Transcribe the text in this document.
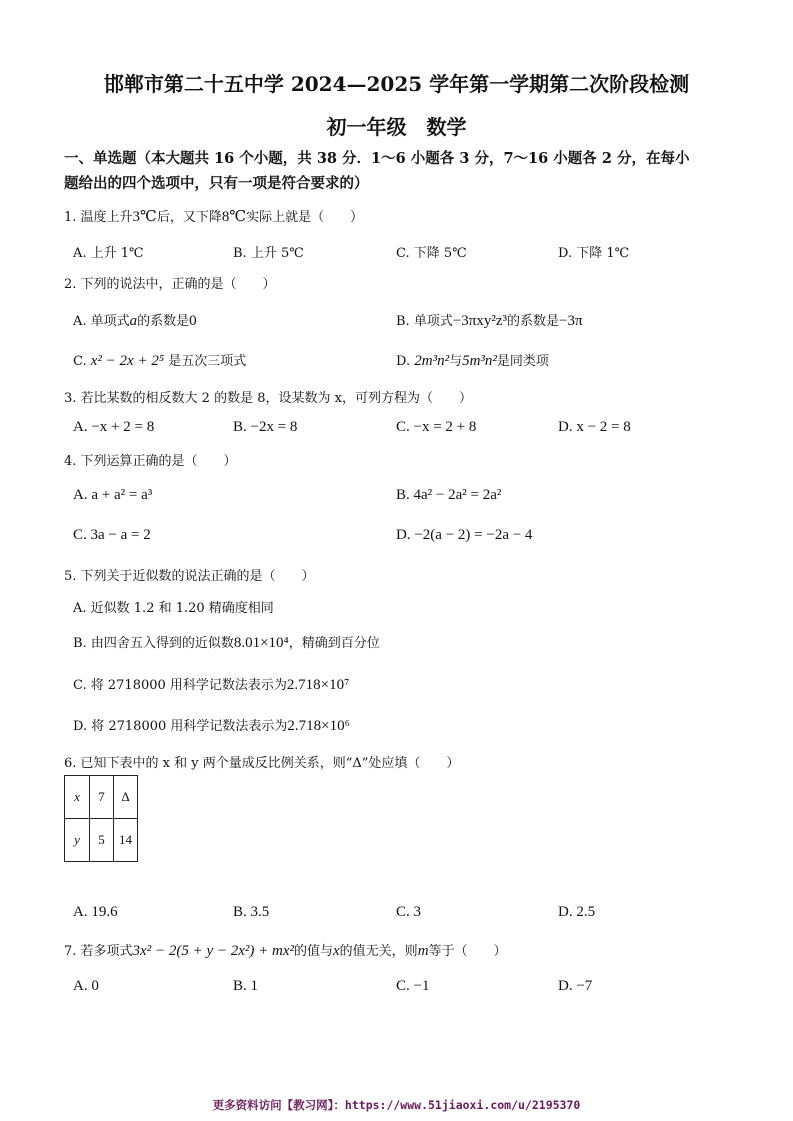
邯郸市第二十五中学 2024—2025 学年第一学期第二次阶段检测
初一年级　数学
一、单选题（本大题共 16 个小题，共 38 分．1～6 小题各 3 分，7～16 小题各 2 分，在每小
题给出的四个选项中，只有一项是符合要求的）
1. 温度上升3℃后，又下降8℃实际上就是（　　）
A. 上升 1℃	B. 上升 5℃	C. 下降 5℃	D. 下降 1℃
2. 下列的说法中，正确的是（　　）
A. 单项式a的系数是0	B. 单项式−3πxy²z³的系数是−3π
C. x² − 2x + 2⁵ 是五次三项式	D. 2m³n²与5m³n²是同类项
3. 若比某数的相反数大 2 的数是 8，设某数为 x，可列方程为（　　）
A. −x + 2 = 8	B. −2x = 8	C. −x = 2 + 8	D. x − 2 = 8
4. 下列运算正确的是（　　）
A. a + a² = a³	B. 4a² − 2a² = 2a²
C. 3a − a = 2	D. −2(a − 2) = −2a − 4
5. 下列关于近似数的说法正确的是（　　）
A. 近似数 1.2 和 1.20 精确度相同
B. 由四舍五入得到的近似数8.01×10⁴，精确到百分位
C. 将 2718000 用科学记数法表示为2.718×10⁷
D. 将 2718000 用科学记数法表示为2.718×10⁶
6. 已知下表中的 x 和 y 两个量成反比例关系，则“Δ”处应填（　　）
x	7	Δ
y	5	14
A. 19.6	B. 3.5	C. 3	D. 2.5
7. 若多项式3x² − 2(5 + y − 2x²) + mx²的值与x的值无关，则m等于（　　）
A. 0	B. 1	C. −1	D. −7
更多资料访问【教习网】：https://www.51jiaoxi.com/u/2195370
